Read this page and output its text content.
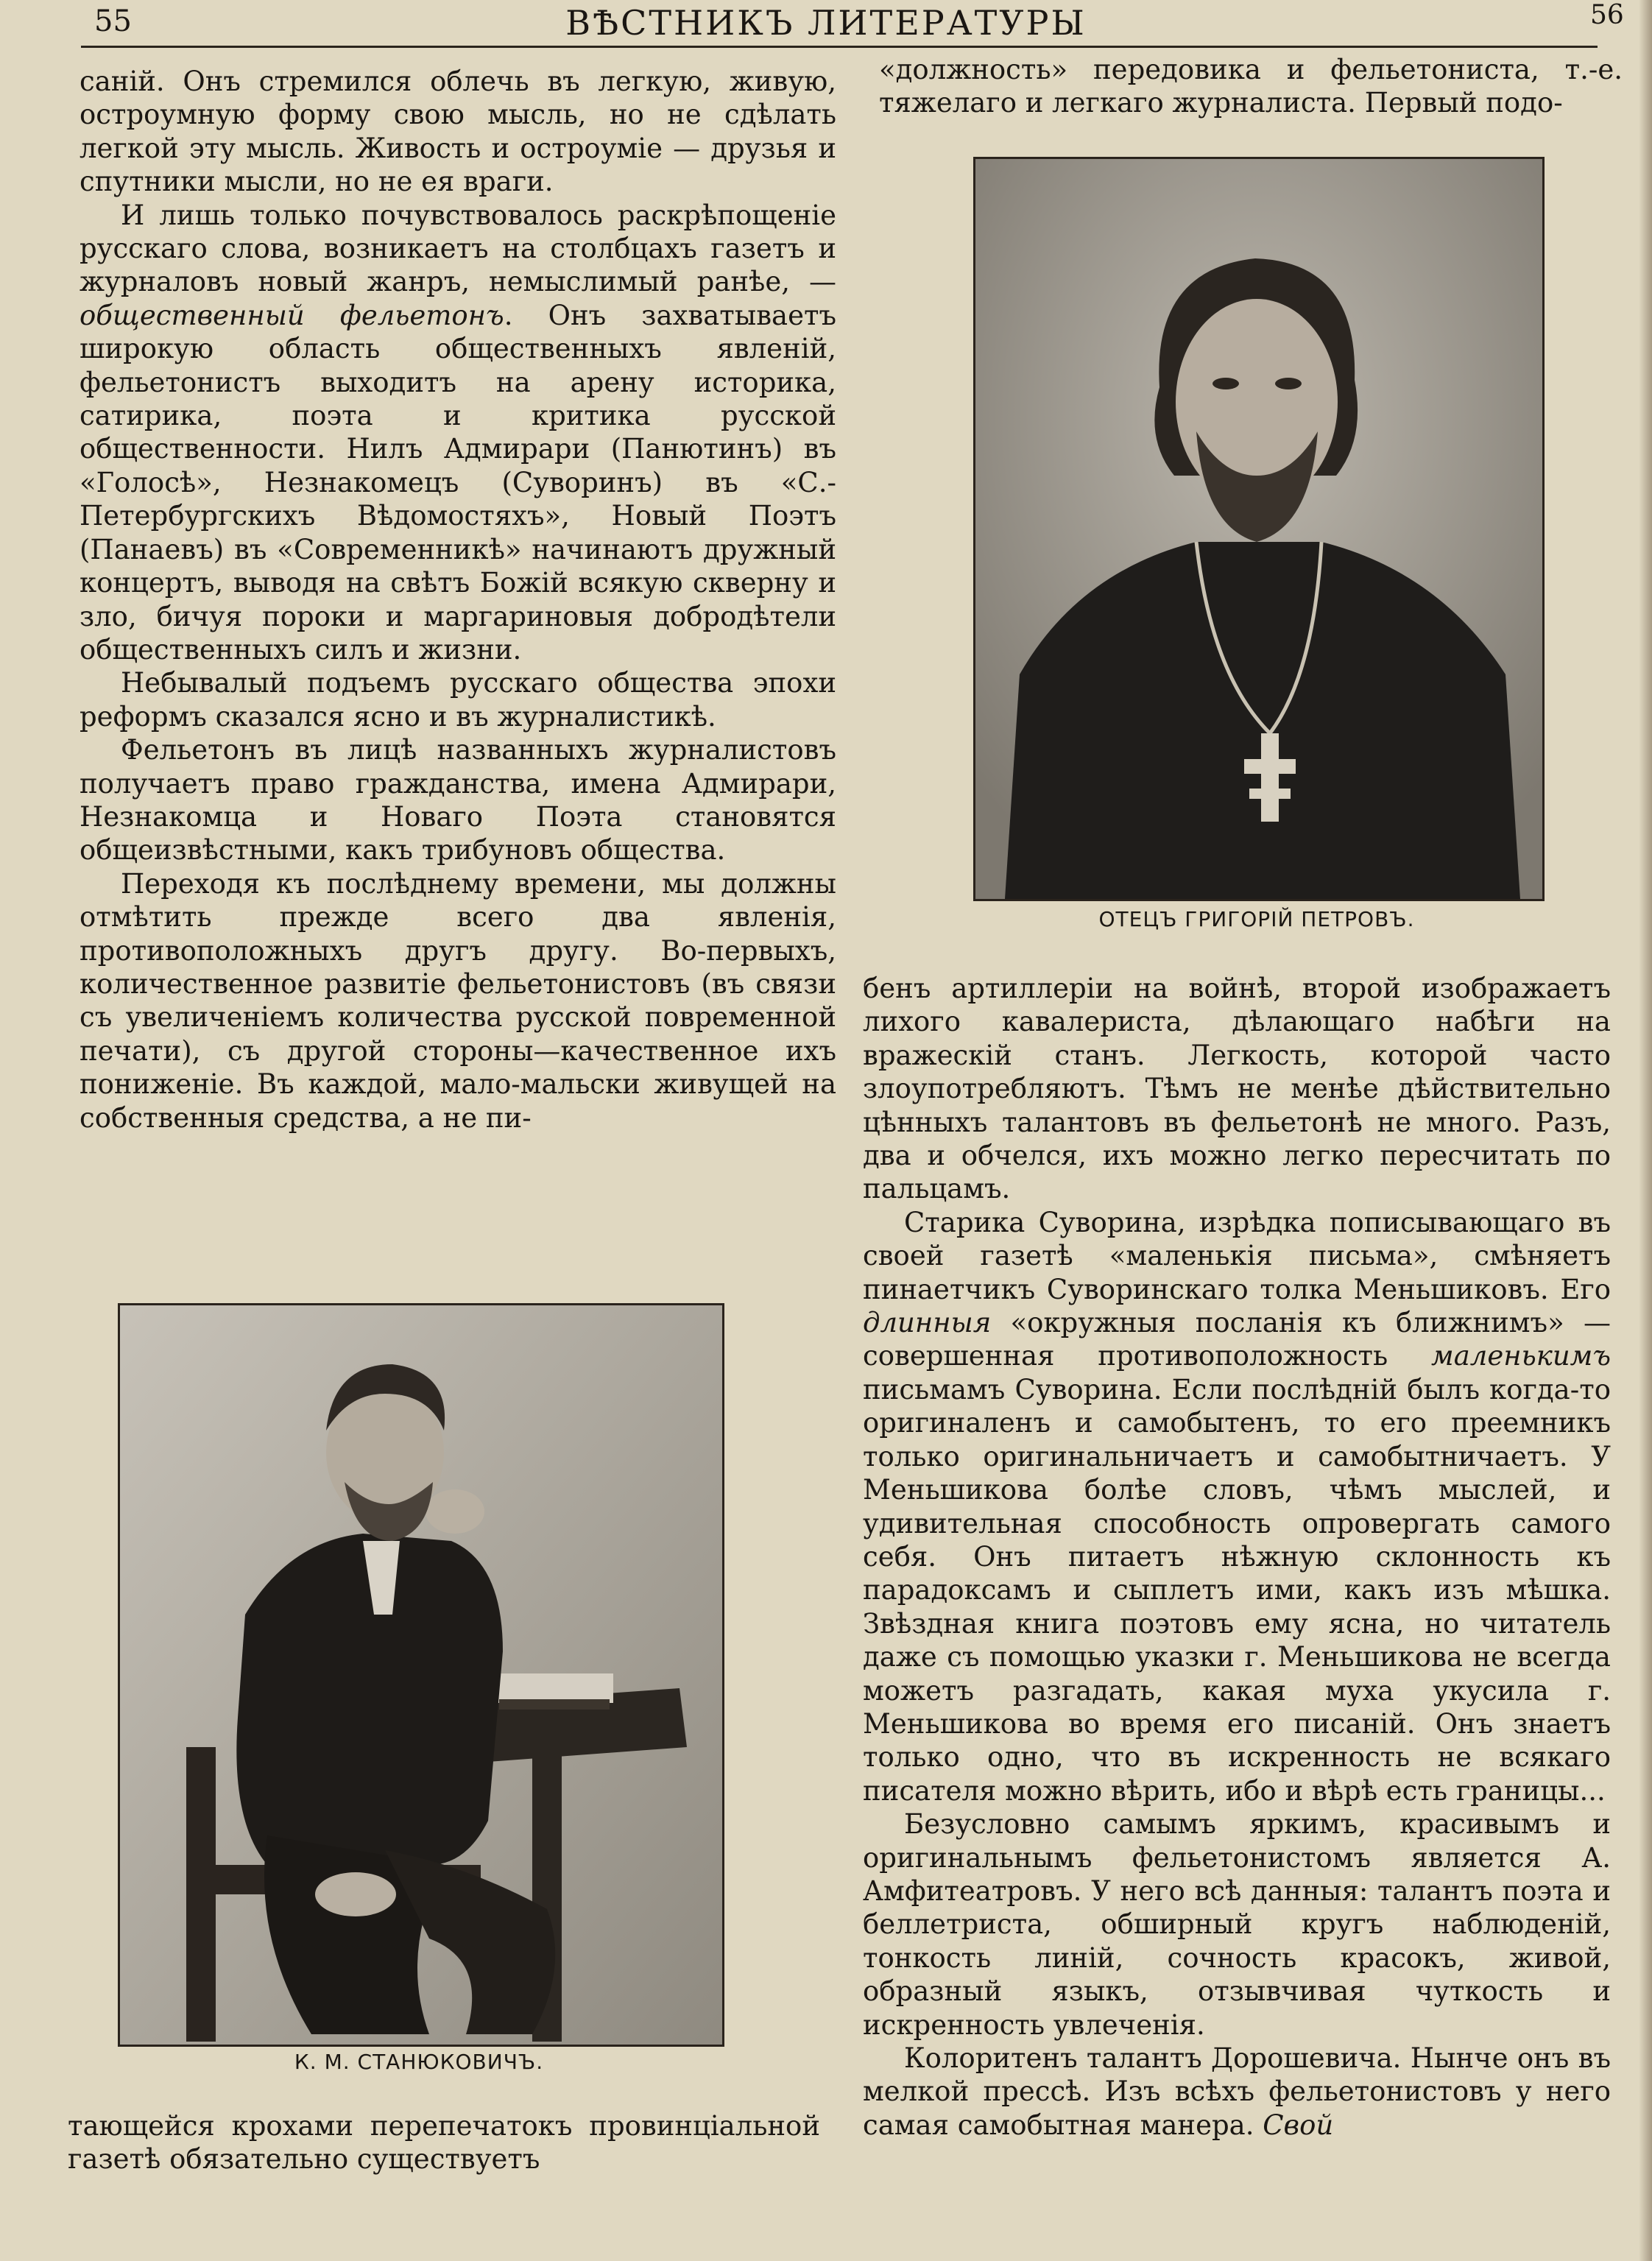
55	56
ВѢСТНИКЪ ЛИТЕРАТУРЫ

саній. Онъ стремился облечь въ легкую, живую, остроумную форму свою мысль, но не сдѣлать легкой эту мысль. Живость и остроуміе — друзья и спутники мысли, но не ея враги.

И лишь только почувствовалось раскрѣпощеніе русскаго слова, возникаетъ на столбцахъ газетъ и журналовъ новый жанръ, немыслимый ранѣе, —общественный фельетонъ. Онъ захватываетъ широкую область общественныхъ явленій, фельетонистъ выходитъ на арену историка, сатирика, поэта и критика русской общественности. Нилъ Адмирари (Панютинъ) въ «Голосѣ», Незнакомецъ (Суворинъ) въ «С.-Петербургскихъ Вѣдомостяхъ», Новый Поэтъ (Панаевъ) въ «Современникѣ» начинаютъ дружный концертъ, выводя на свѣтъ Божій всякую скверну и зло, бичуя пороки и маргариновыя добродѣтели общественныхъ силъ и жизни.

Небывалый подъемъ русскаго общества эпохи реформъ сказался ясно и въ журналистикѣ.

Фельетонъ въ лицѣ названныхъ журналистовъ получаетъ право гражданства, имена Адмирари, Незнакомца и Новаго Поэта становятся общеизвѣстными, какъ трибуновъ общества.

Переходя къ послѣднему времени, мы должны отмѣтить прежде всего два явленія, противоположныхъ другъ другу. Во-первыхъ, количественное развитіе фельетонистовъ (въ связи съ увеличеніемъ количества русской повременной печати), съ другой стороны—качественное ихъ пониженіе. Въ каждой, мало-мальски живущей на собственныя средства, а не пи-

тающейся крохами перепечатокъ провинціальной газетѣ обязательно существуетъ

«должность» передовика и фельетониста, т.-е. тяжелаго и легкаго журналиста. Первый подо-

ОТЕЦЪ ГРИГОРІЙ ПЕТРОВЪ.

бенъ артиллеріи на войнѣ, второй изображаетъ лихого кавалериста, дѣлающаго набѣги на вражескій станъ. Легкость, которой часто злоупотребляютъ. Тѣмъ не менѣе дѣйствительно цѣнныхъ талантовъ въ фельетонѣ не много. Разъ, два и обчелся, ихъ можно легко пересчитать по пальцамъ.

Старика Суворина, изрѣдка пописывающаго въ своей газетѣ «маленькія письма», смѣняетъ пинаетчикъ Суворинскаго толка Меньшиковъ. Его длинныя «окружныя посланія къ ближнимъ» —совершенная противоположность маленькимъ письмамъ Суворина. Если послѣдній былъ когда-то оригиналенъ и самобытенъ, то его преемникъ только оригинальничаетъ и самобытничаетъ. У Меньшикова болѣе словъ, чѣмъ мыслей, и удивительная способность опровергать самого себя. Онъ питаетъ нѣжную склонность къ парадоксамъ и сыплетъ ими, какъ изъ мѣшка. Звѣздная книга поэтовъ ему ясна, но читатель даже съ помощью указки г. Меньшикова не всегда можетъ разгадать, какая муха укусила г. Меньшикова во время его писаній. Онъ знаетъ только одно, что въ искренность не всякаго писателя можно вѣрить, ибо и вѣрѣ есть границы...

Безусловно самымъ яркимъ, красивымъ и оригинальнымъ фельетонистомъ является А. Амфитеатровъ. У него всѣ данныя: талантъ поэта и беллетриста, обширный кругъ наблюденій, тонкость линій, сочность красокъ, живой, образный языкъ, отзывчивая чуткость и искренность увлеченія.

Колоритенъ талантъ Дорошевича. Нынче онъ въ мелкой прессѣ. Изъ всѣхъ фельетонистовъ у него самая самобытная манера. Свой

К. М. СТАНЮКОВИЧЪ.
